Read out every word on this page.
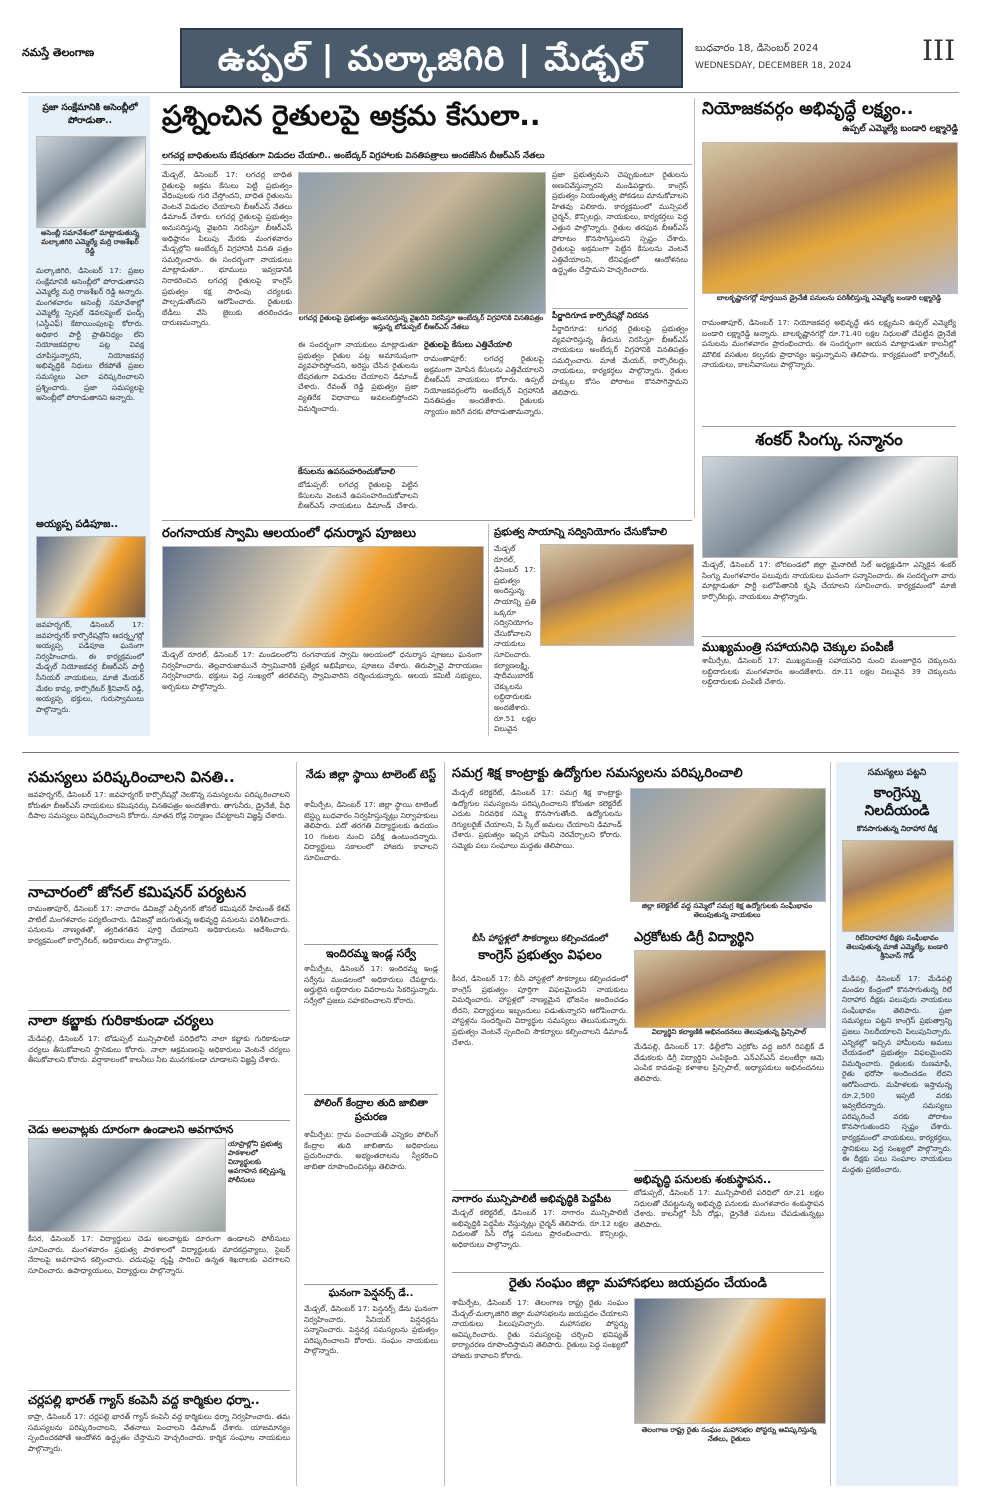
నమస్తే తెలంగాణ	ఉప్పల్ | మల్కాజిగిరి | మేడ్చల్	బుధవారం 18, డిసెంబర్ 2024
WEDNESDAY, DECEMBER 18, 2024	III
ప్రజా సంక్షేమానికి అసెంబ్లీలో పోరాడుతా..
అసెంబ్లీ సమావేశంలో మాట్లాడుతున్న మల్కాజిగిరి ఎమ్మెల్యే మర్రి రాజశేఖర్ రెడ్డి
మల్కాజిగిరి, డిసెంబర్ 17: ప్రజల సంక్షేమానికి అసెంబ్లీలో పోరాడుతానని ఎమ్మెల్యే మర్రి రాజశేఖర్ రెడ్డి అన్నారు. మంగళవారం అసెంబ్లీ సమావేశాల్లో ఎమ్మెల్యే స్పెషల్ డెవలప్మెంట్ ఫండ్స్ (ఎస్డీఎఫ్) కేటాయింపులపై కోరారు. అధికార పార్టీ ప్రాతినిధ్యం లేని నియోజకవర్గాల పట్ల వివక్ష చూపిస్తున్నారని, నియోజకవర్గ అభివృద్ధికి నిధులు లేకపోతే ప్రజల సమస్యలు ఎలా పరిష్కరించాలని ప్రశ్నించారు. ప్రజా సమస్యలపై అసెంబ్లీలో పోరాడుతానని అన్నారు.
అయ్యప్ప పడిపూజ..
జవహర్నగర్, డిసెంబర్ 17: జవహర్నగర్ కార్పొరేషన్లోని ఆదర్శ్నగర్లో అయ్యప్ప పడిపూజ ఘనంగా నిర్వహించారు. ఈ కార్యక్రమంలో మేడ్చల్ నియోజకవర్గ బీఆర్ఎస్ పార్టీ సీనియర్ నాయకులు, మాజీ మేయర్ మేకల కావ్య, కార్పొరేటర్ శ్రీనివాస్ రెడ్డి, అయ్యప్ప భక్తులు, గురుస్వాములు పాల్గొన్నారు.
ప్రశ్నించిన రైతులపై అక్రమ కేసులా..
లగచర్ల బాధితులను బేషరతుగా విడుదల చేయాలి.. అంబేద్కర్ విగ్రహాలకు వినతిపత్రాలు అందజేసిన బీఆర్ఎస్ నేతలు
మేడ్చల్, డిసెంబర్ 17: లగచర్ల బాధిత రైతులపై అక్రమ కేసులు పెట్టి ప్రభుత్వం వేధింపులకు గురి చేస్తోందని, బాధిత రైతులను వెంటనే విడుదల చేయాలని బీఆర్ఎస్ నేతలు డిమాండ్ చేశారు. లగచర్ల రైతులపై ప్రభుత్వం అనుసరిస్తున్న వైఖరిని నిరసిస్తూ బీఆర్ఎస్ అధిష్ఠానం పిలుపు మేరకు మంగళవారం మేడ్చల్లోని అంబేద్కర్ విగ్రహానికి వినతి పత్రం సమర్పించారు. ఈ సందర్భంగా నాయకులు మాట్లాడుతూ.. భూములు ఇవ్వడానికి నిరాకరించిన లగచర్ల రైతులపై కాంగ్రెస్ ప్రభుత్వం కక్ష సాధింపు చర్యలకు పాల్పడుతోందని ఆరోపించారు. రైతులకు బేడీలు వేసి జైలుకు తరలించడం దారుణమన్నారు.
లగచర్ల రైతులపై ప్రభుత్వం అనుసరిస్తున్న వైఖరిని నిరసిస్తూ అంబేద్కర్ విగ్రహానికి వినతిపత్రం ఇస్తున్న బోడుప్పల్ బీఆర్ఎస్ నేతలు
ప్రజా ప్రభుత్వమని చెప్పుకుంటూ రైతులను అణచివేస్తున్నారని మండిపడ్డారు. కాంగ్రెస్ ప్రభుత్వం నియంతృత్వ పోకడలు మానుకోవాలని హితవు పలికారు. కార్యక్రమంలో మున్సిపల్ చైర్మన్, కౌన్సిలర్లు, నాయకులు, కార్యకర్తలు పెద్ద ఎత్తున పాల్గొన్నారు. రైతుల తరఫున బీఆర్ఎస్ పోరాటం కొనసాగిస్తుందని స్పష్టం చేశారు. రైతులపై అక్రమంగా పెట్టిన కేసులను వెంటనే ఎత్తివేయాలని, లేనిపక్షంలో ఆందోళనలు ఉద్ధృతం చేస్తామని హెచ్చరించారు.
పీర్జాదిగూడ కార్పొరేషన్లో నిరసన
పీర్జాదిగూడ: లగచర్ల రైతులపై ప్రభుత్వం వ్యవహరిస్తున్న తీరును నిరసిస్తూ బీఆర్ఎస్ నాయకులు అంబేద్కర్ విగ్రహానికి వినతిపత్రం సమర్పించారు. మాజీ మేయర్, కార్పొరేటర్లు, నాయకులు, కార్యకర్తలు పాల్గొన్నారు. రైతుల హక్కుల కోసం పోరాటం కొనసాగిస్తామని తెలిపారు.
ఈ సందర్భంగా నాయకులు మాట్లాడుతూ ప్రభుత్వం రైతుల పట్ల అమానుషంగా వ్యవహరిస్తోందని, అరెస్టు చేసిన రైతులను బేషరతుగా విడుదల చేయాలని డిమాండ్ చేశారు. రేవంత్ రెడ్డి ప్రభుత్వం ప్రజా వ్యతిరేక విధానాలు అవలంబిస్తోందని విమర్శించారు.
కేసులను ఉపసంహరించుకోవాలి
బోడుప్పల్: లగచర్ల రైతులపై పెట్టిన కేసులను వెంటనే ఉపసంహరించుకోవాలని బీఆర్ఎస్ నాయకులు డిమాండ్ చేశారు.
రైతులపై కేసులు ఎత్తివేయాలి
రామంతాపూర్: లగచర్ల రైతులపై అక్రమంగా మోపిన కేసులను ఎత్తివేయాలని బీఆర్ఎస్ నాయకులు కోరారు. ఉప్పల్ నియోజకవర్గంలోని అంబేద్కర్ విగ్రహానికి వినతిపత్రం అందజేశారు. రైతులకు న్యాయం జరిగే వరకు పోరాడుతామన్నారు.
నియోజకవర్గం అభివృద్ధే లక్ష్యం..
ఉప్పల్ ఎమ్మెల్యే బండారి లక్ష్మారెడ్డి
బాలకృష్ణానగర్లో పూర్తయిన డ్రైనేజీ పనులను పరిశీలిస్తున్న ఎమ్మెల్యే బండారి లక్ష్మారెడ్డి
రామంతాపూర్, డిసెంబర్ 17: నియోజకవర్గ అభివృద్ధే తన లక్ష్యమని ఉప్పల్ ఎమ్మెల్యే బండారి లక్ష్మారెడ్డి అన్నారు. బాలకృష్ణానగర్లో రూ.71.40 లక్షల నిధులతో చేపట్టిన డ్రైనేజీ పనులను మంగళవారం ప్రారంభించారు. ఈ సందర్భంగా ఆయన మాట్లాడుతూ కాలనీల్లో మౌలిక వసతుల కల్పనకు ప్రాధాన్యం ఇస్తున్నామని తెలిపారు. కార్యక్రమంలో కార్పొరేటర్, నాయకులు, కాలనీవాసులు పాల్గొన్నారు.
శంకర్ సింగ్కు సన్మానం
మేడ్చల్, డిసెంబర్ 17: బోరబండలో జిల్లా మైనారిటీ సెల్ అధ్యక్షుడిగా ఎన్నికైన శంకర్ సింగ్ను మంగళవారం పలువురు నాయకులు ఘనంగా సన్మానించారు. ఈ సందర్భంగా వారు మాట్లాడుతూ పార్టీ బలోపేతానికి కృషి చేయాలని సూచించారు. కార్యక్రమంలో మాజీ కార్పొరేటర్లు, నాయకులు పాల్గొన్నారు.
ముఖ్యమంత్రి సహాయనిధి చెక్కుల పంపిణీ
శామీర్పేట, డిసెంబర్ 17: ముఖ్యమంత్రి సహాయనిధి నుంచి మంజూరైన చెక్కులను లబ్ధిదారులకు మంగళవారం అందజేశారు. రూ.11 లక్షల విలువైన 39 చెక్కులను లబ్ధిదారులకు పంపిణీ చేశారు.
రంగనాయక స్వామి ఆలయంలో ధనుర్మాస పూజలు
మేడ్చల్ రూరల్, డిసెంబర్ 17: మండలంలోని రంగనాయక స్వామి ఆలయంలో ధనుర్మాస పూజలు ఘనంగా నిర్వహించారు. తెల్లవారుజామునే స్వామివారికి ప్రత్యేక అభిషేకాలు, పూజలు చేశారు. తిరుప్పావై పారాయణం నిర్వహించారు. భక్తులు పెద్ద సంఖ్యలో తరలివచ్చి స్వామివారిని దర్శించుకున్నారు. ఆలయ కమిటీ సభ్యులు, అర్చకులు పాల్గొన్నారు.
ప్రభుత్వ సాయాన్ని సద్వినియోగం చేసుకోవాలి
మేడ్చల్ రూరల్, డిసెంబర్ 17: ప్రభుత్వం అందిస్తున్న సాయాన్ని ప్రతి ఒక్కరూ సద్వినియోగం చేసుకోవాలని నాయకులు సూచించారు. కల్యాణలక్ష్మి, షాదీముబారక్ చెక్కులను లబ్ధిదారులకు అందజేశారు. రూ.51 లక్షల విలువైన
సమస్యలు పరిష్కరించాలని వినతి..
జవహర్నగర్, డిసెంబర్ 17: జవహర్నగర్ కార్పొరేషన్లో నెలకొన్న సమస్యలను పరిష్కరించాలని కోరుతూ బీఆర్ఎస్ నాయకులు కమిషనర్కు వినతిపత్రం అందజేశారు. తాగునీరు, డ్రైనేజీ, వీధి దీపాల సమస్యలు పరిష్కరించాలని కోరారు. నూతన రోడ్ల నిర్మాణం చేపట్టాలని విజ్ఞప్తి చేశారు.
నాచారంలో జోనల్ కమిషనర్ పర్యటన
రామంతాపూర్, డిసెంబర్ 17: నాచారం డివిజన్లో ఎల్బీనగర్ జోనల్ కమిషనర్ హేమంత్ కేశవ్ పాటిల్ మంగళవారం పర్యటించారు. డివిజన్లో జరుగుతున్న అభివృద్ధి పనులను పరిశీలించారు. పనులను నాణ్యతతో, త్వరితగతిన పూర్తి చేయాలని అధికారులను ఆదేశించారు. కార్యక్రమంలో కార్పొరేటర్, అధికారులు పాల్గొన్నారు.
నాలా కబ్జాకు గురికాకుండా చర్యలు
మేడిపల్లి, డిసెంబర్ 17: బోడుప్పల్ మున్సిపాలిటీ పరిధిలోని నాలా కబ్జాకు గురికాకుండా చర్యలు తీసుకోవాలని స్థానికులు కోరారు. నాలా ఆక్రమణలపై అధికారులు వెంటనే చర్యలు తీసుకోవాలని కోరారు. వర్షాకాలంలో కాలనీలు నీట మునగకుండా చూడాలని విజ్ఞప్తి చేశారు.
చెడు అలవాట్లకు దూరంగా ఉండాలని అవగాహన
యాప్రాల్లోని ప్రభుత్వ పాఠశాలలో విద్యార్థులకు అవగాహన కల్పిస్తున్న పోలీసులు
కీసర, డిసెంబర్ 17: విద్యార్థులు చెడు అలవాట్లకు దూరంగా ఉండాలని పోలీసులు సూచించారు. మంగళవారం ప్రభుత్వ పాఠశాలలో విద్యార్థులకు మాదకద్రవ్యాలు, సైబర్ నేరాలపై అవగాహన కల్పించారు. చదువుపై దృష్టి సారించి ఉన్నత శిఖరాలకు ఎదగాలని సూచించారు. ఉపాధ్యాయులు, విద్యార్థులు పాల్గొన్నారు.
చర్లపల్లి భారత్ గ్యాస్ కంపెనీ వద్ద కార్మికుల ధర్నా..
కాప్రా, డిసెంబర్ 17: చర్లపల్లి భారత్ గ్యాస్ కంపెనీ వద్ద కార్మికులు ధర్నా నిర్వహించారు. తమ సమస్యలను పరిష్కరించాలని, వేతనాలు పెంచాలని డిమాండ్ చేశారు. యాజమాన్యం స్పందించకపోతే ఆందోళన ఉద్ధృతం చేస్తామని హెచ్చరించారు. కార్మిక సంఘాల నాయకులు పాల్గొన్నారు.
నేడు జిల్లా స్థాయి టాలెంట్ టెస్ట్
శామీర్పేట, డిసెంబర్ 17: జిల్లా స్థాయి టాలెంట్ టెస్ట్ను బుధవారం నిర్వహిస్తున్నట్లు నిర్వాహకులు తెలిపారు. పదో తరగతి విద్యార్థులకు ఉదయం 10 గంటల నుంచి పరీక్ష ఉంటుందన్నారు. విద్యార్థులు సకాలంలో హాజరు కావాలని సూచించారు.
ఇందిరమ్మ ఇండ్ల సర్వే
శామీర్పేట, డిసెంబర్ 17: ఇందిరమ్మ ఇండ్ల సర్వేను మండలంలో అధికారులు చేపట్టారు. అర్హులైన లబ్ధిదారుల వివరాలను సేకరిస్తున్నారు. సర్వేలో ప్రజలు సహకరించాలని కోరారు.
పోలింగ్ కేంద్రాల తుది జాబితా ప్రచురణ
శామీర్పేట: గ్రామ పంచాయతీ ఎన్నికల పోలింగ్ కేంద్రాల తుది జాబితాను అధికారులు ప్రచురించారు. అభ్యంతరాలను స్వీకరించి జాబితా రూపొందించినట్లు తెలిపారు.
ఘనంగా పెన్షనర్స్ డే..
మేడ్చల్, డిసెంబర్ 17: పెన్షనర్స్ డేను ఘనంగా నిర్వహించారు. సీనియర్ పెన్షనర్లను సన్మానించారు. పెన్షనర్ల సమస్యలను ప్రభుత్వం పరిష్కరించాలని కోరారు. సంఘం నాయకులు పాల్గొన్నారు.
సమగ్ర శిక్ష కాంట్రాక్టు ఉద్యోగుల సమస్యలను పరిష్కరించాలి
మేడ్చల్ కలెక్టరేట్, డిసెంబర్ 17: సమగ్ర శిక్ష కాంట్రాక్టు ఉద్యోగుల సమస్యలను పరిష్కరించాలని కోరుతూ కలెక్టరేట్ ఎదుట నిరవధిక సమ్మె కొనసాగుతోంది. ఉద్యోగులను రెగ్యులరైజ్ చేయాలని, పే స్కేల్ అమలు చేయాలని డిమాండ్ చేశారు. ప్రభుత్వం ఇచ్చిన హామీని నెరవేర్చాలని కోరారు. సమ్మెకు పలు సంఘాలు మద్దతు తెలిపాయి.
జిల్లా కలెక్టరేట్ వద్ద సమ్మెలో సమగ్ర శిక్ష ఉద్యోగులకు సంఘీభావం తెలుపుతున్న నాయకులు
ఎర్రకోటకు డిగ్రీ విద్యార్థిని
విద్యార్థిని కల్యాణికి అభినందనలు తెలుపుతున్న ప్రిన్సిపాల్
మేడిపల్లి, డిసెంబర్ 17: ఢిల్లీలోని ఎర్రకోట వద్ద జరిగే రిపబ్లిక్ డే వేడుకలకు డిగ్రీ విద్యార్థిని ఎంపికైంది. ఎన్ఎస్ఎస్ వలంటీర్గా ఆమె ఎంపిక కావడంపై కళాశాల ప్రిన్సిపాల్, అధ్యాపకులు అభినందనలు తెలిపారు.
బీసీ హాస్టళ్లలో సౌకర్యాలు కల్పించడంలో
కాంగ్రెస్ ప్రభుత్వం విఫలం
కీసర, డిసెంబర్ 17: బీసీ హాస్టళ్లలో సౌకర్యాలు కల్పించడంలో కాంగ్రెస్ ప్రభుత్వం పూర్తిగా విఫలమైందని నాయకులు విమర్శించారు. హాస్టళ్లలో నాణ్యమైన భోజనం అందించడం లేదని, విద్యార్థులు ఇబ్బందులు పడుతున్నారని ఆరోపించారు. హాస్టళ్లను సందర్శించి విద్యార్థుల సమస్యలు తెలుసుకున్నారు. ప్రభుత్వం వెంటనే స్పందించి సౌకర్యాలు కల్పించాలని డిమాండ్ చేశారు.
అభివృద్ధి పనులకు శంకుస్థాపన..
బోడుప్పల్, డిసెంబర్ 17: మున్సిపాలిటీ పరిధిలో రూ.21 లక్షల నిధులతో చేపట్టనున్న అభివృద్ధి పనులకు మంగళవారం శంకుస్థాపన చేశారు. కాలనీల్లో సీసీ రోడ్లు, డ్రైనేజీ పనులు చేపడుతున్నట్లు తెలిపారు.
నాగారం మున్సిపాలిటీ అభివృద్ధికి పెద్దపీట
మేడ్చల్ కలెక్టరేట్, డిసెంబర్ 17: నాగారం మున్సిపాలిటీ అభివృద్ధికి పెద్దపీట వేస్తున్నట్లు చైర్మన్ తెలిపారు. రూ.12 లక్షల నిధులతో సీసీ రోడ్ల పనులు ప్రారంభించారు. కౌన్సిలర్లు, అధికారులు పాల్గొన్నారు.
రైతు సంఘం జిల్లా మహాసభలు జయప్రదం చేయండి
శామీర్పేట, డిసెంబర్ 17: తెలంగాణ రాష్ట్ర రైతు సంఘం మేడ్చల్-మల్కాజిగిరి జిల్లా మహాసభలను జయప్రదం చేయాలని నాయకులు పిలుపునిచ్చారు. మహాసభల పోస్టర్ను ఆవిష్కరించారు. రైతు సమస్యలపై చర్చించి భవిష్యత్ కార్యాచరణ రూపొందిస్తామని తెలిపారు. రైతులు పెద్ద సంఖ్యలో హాజరు కావాలని కోరారు.
తెలంగాణ రాష్ట్ర రైతు సంఘం మహాసభల పోస్టర్ను ఆవిష్కరిస్తున్న నేతలు, రైతులు
సమస్యలు పట్టని
కాంగ్రెస్ను నిలదీయండి
కొనసాగుతున్న నిరాహార దీక్ష
రిలేనిరాహార దీక్షకు సంఘీభావం తెలుపుతున్న మాజీ ఎమ్మెల్యే, బండారి శ్రీనివాస్ గౌడ్
మేడిపల్లి, డిసెంబర్ 17: మేడిపల్లి మండల కేంద్రంలో కొనసాగుతున్న రిలే నిరాహార దీక్షకు పలువురు నాయకులు సంఘీభావం తెలిపారు. ప్రజా సమస్యలు పట్టని కాంగ్రెస్ ప్రభుత్వాన్ని ప్రజలు నిలదీయాలని పిలుపునిచ్చారు. ఎన్నికల్లో ఇచ్చిన హామీలను అమలు చేయడంలో ప్రభుత్వం విఫలమైందని విమర్శించారు. రైతులకు రుణమాఫీ, రైతు భరోసా అందించడం లేదని ఆరోపించారు. మహిళలకు ఇస్తామన్న రూ.2,500 ఇప్పటి వరకు ఇవ్వలేదన్నారు. సమస్యలు పరిష్కరించే వరకు పోరాటం కొనసాగుతుందని స్పష్టం చేశారు. కార్యక్రమంలో నాయకులు, కార్యకర్తలు, స్థానికులు పెద్ద సంఖ్యలో పాల్గొన్నారు. ఈ దీక్షకు పలు సంఘాల నాయకులు మద్దతు ప్రకటించారు.
